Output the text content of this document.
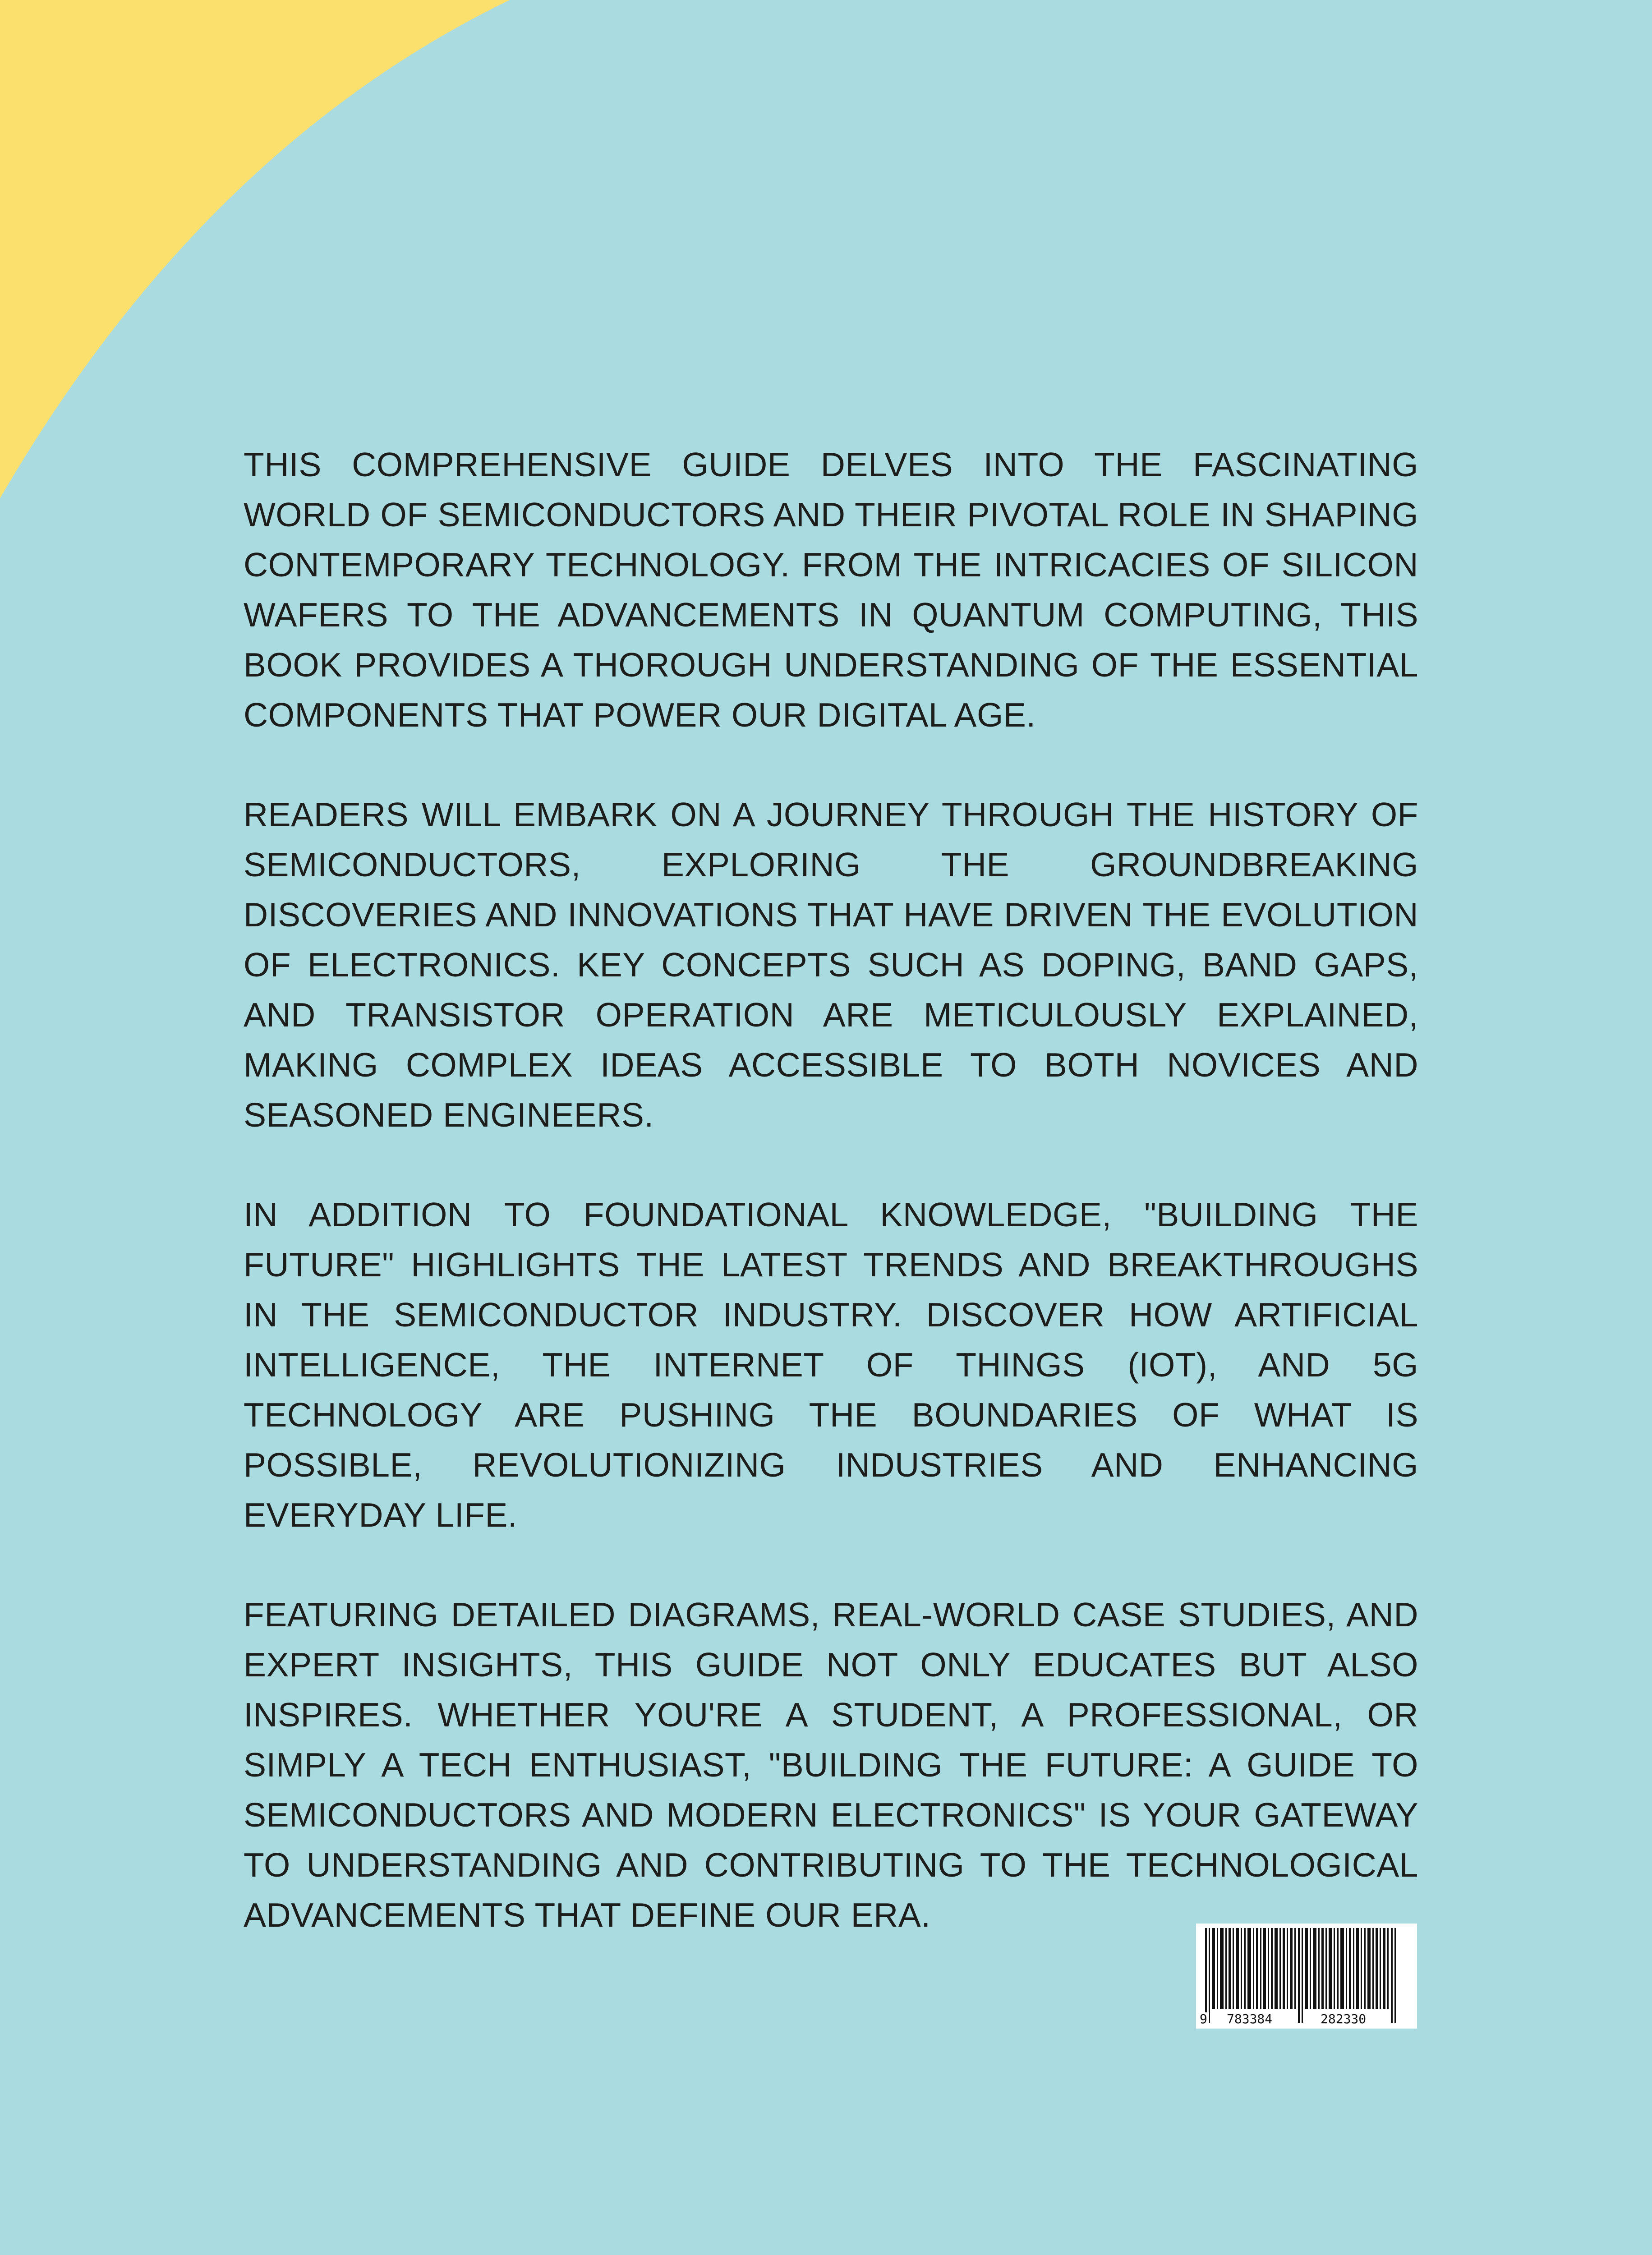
THIS COMPREHENSIVE GUIDE DELVES INTO THE FASCINATING WORLD OF SEMICONDUCTORS AND THEIR PIVOTAL ROLE IN SHAPING CONTEMPORARY TECHNOLOGY. FROM THE INTRICACIES OF SILICON WAFERS TO THE ADVANCEMENTS IN QUANTUM COMPUTING, THIS BOOK PROVIDES A THOROUGH UNDERSTANDING OF THE ESSENTIAL COMPONENTS THAT POWER OUR DIGITAL AGE.

READERS WILL EMBARK ON A JOURNEY THROUGH THE HISTORY OF SEMICONDUCTORS, EXPLORING THE GROUNDBREAKING DISCOVERIES AND INNOVATIONS THAT HAVE DRIVEN THE EVOLUTION OF ELECTRONICS. KEY CONCEPTS SUCH AS DOPING, BAND GAPS, AND TRANSISTOR OPERATION ARE METICULOUSLY EXPLAINED, MAKING COMPLEX IDEAS ACCESSIBLE TO BOTH NOVICES AND SEASONED ENGINEERS.

IN ADDITION TO FOUNDATIONAL KNOWLEDGE, "BUILDING THE FUTURE" HIGHLIGHTS THE LATEST TRENDS AND BREAKTHROUGHS IN THE SEMICONDUCTOR INDUSTRY. DISCOVER HOW ARTIFICIAL INTELLIGENCE, THE INTERNET OF THINGS (IOT), AND 5G TECHNOLOGY ARE PUSHING THE BOUNDARIES OF WHAT IS POSSIBLE, REVOLUTIONIZING INDUSTRIES AND ENHANCING EVERYDAY LIFE.

FEATURING DETAILED DIAGRAMS, REAL-WORLD CASE STUDIES, AND EXPERT INSIGHTS, THIS GUIDE NOT ONLY EDUCATES BUT ALSO INSPIRES. WHETHER YOU'RE A STUDENT, A PROFESSIONAL, OR SIMPLY A TECH ENTHUSIAST, "BUILDING THE FUTURE: A GUIDE TO SEMICONDUCTORS AND MODERN ELECTRONICS" IS YOUR GATEWAY TO UNDERSTANDING AND CONTRIBUTING TO THE TECHNOLOGICAL ADVANCEMENTS THAT DEFINE OUR ERA.

9 783384	282330
